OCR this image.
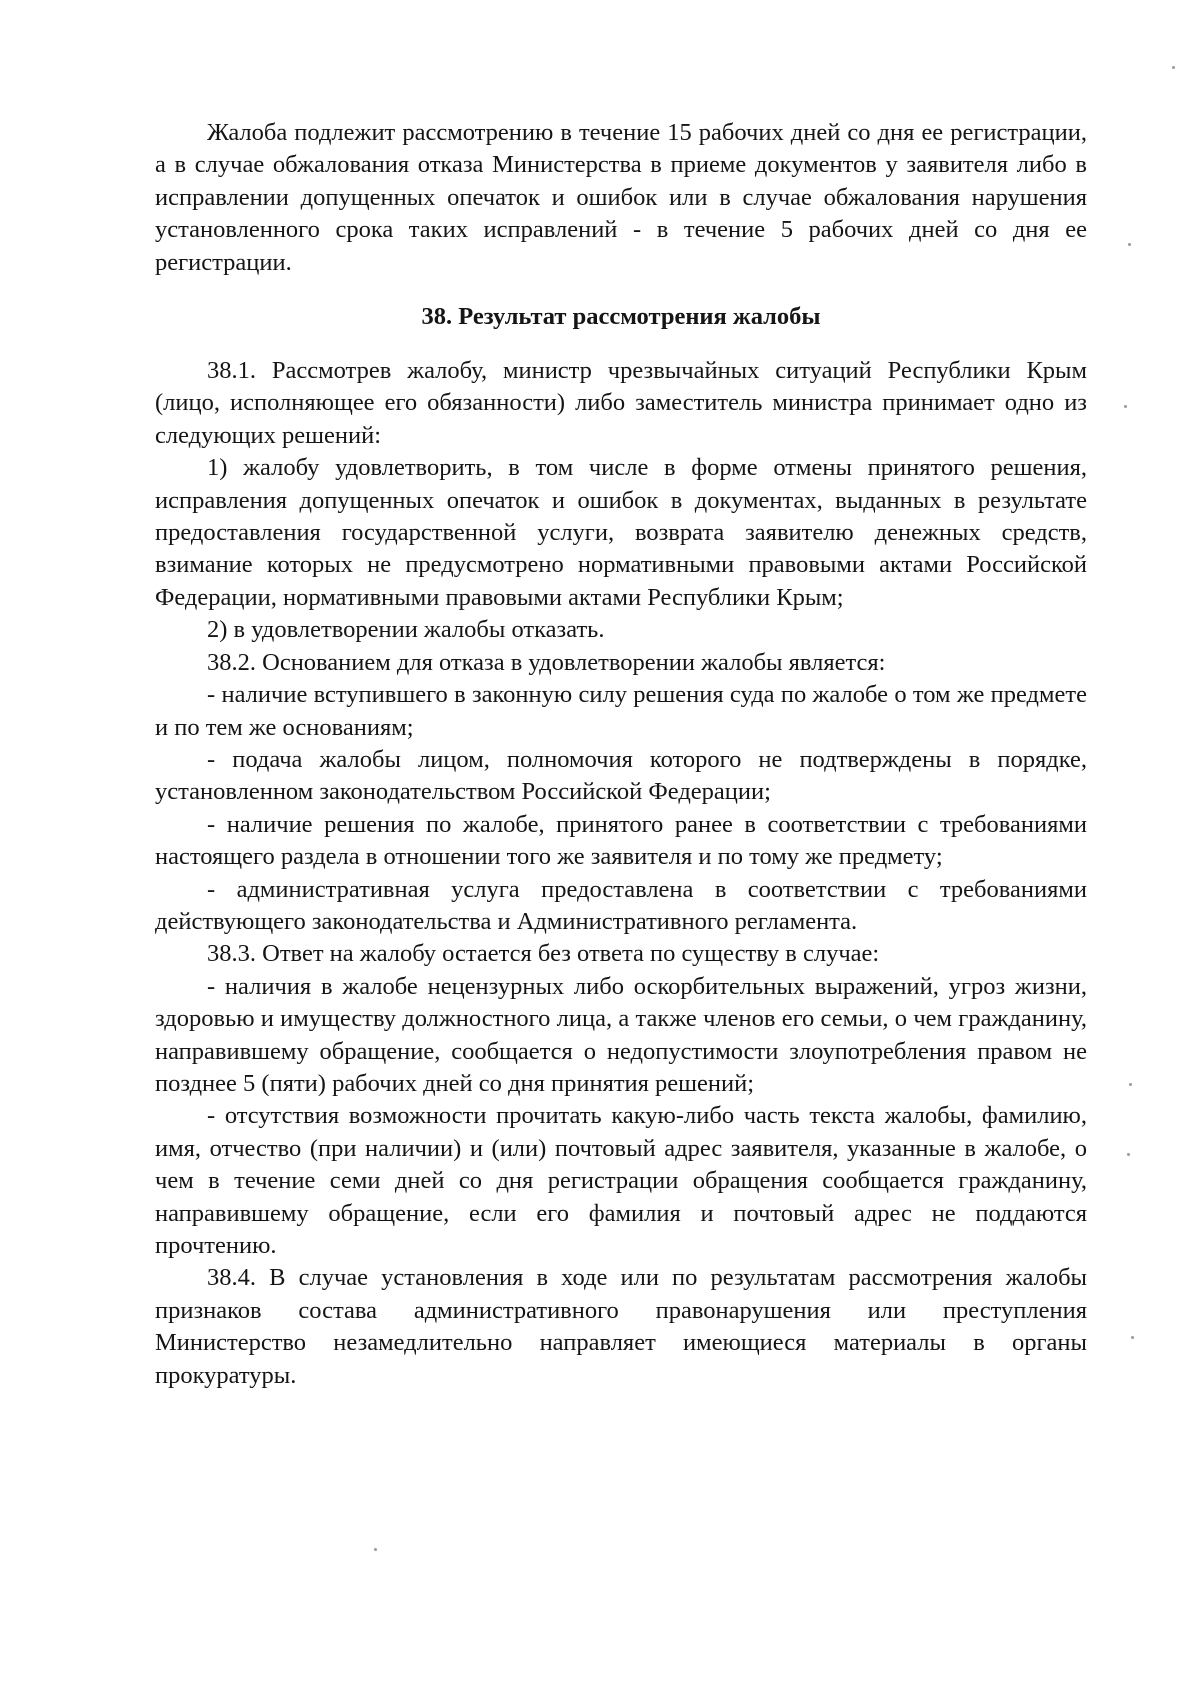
Жалоба подлежит рассмотрению в течение 15 рабочих дней со дня ее регистрации, а в случае обжалования отказа Министерства в приеме документов у заявителя либо в исправлении допущенных опечаток и ошибок или в случае обжалования нарушения установленного срока таких исправлений - в течение 5 рабочих дней со дня ее регистрации.

38. Результат рассмотрения жалобы

38.1. Рассмотрев жалобу, министр чрезвычайных ситуаций Республики Крым (лицо, исполняющее его обязанности) либо заместитель министра принимает одно из следующих решений:

1) жалобу удовлетворить, в том числе в форме отмены принятого решения, исправления допущенных опечаток и ошибок в документах, выданных в результате предоставления государственной услуги, возврата заявителю денежных средств, взимание которых не предусмотрено нормативными правовыми актами Российской Федерации, нормативными правовыми актами Республики Крым;

2) в удовлетворении жалобы отказать.

38.2. Основанием для отказа в удовлетворении жалобы является:

- наличие вступившего в законную силу решения суда по жалобе о том же предмете и по тем же основаниям;

- подача жалобы лицом, полномочия которого не подтверждены в порядке, установленном законодательством Российской Федерации;

- наличие решения по жалобе, принятого ранее в соответствии с требованиями настоящего раздела в отношении того же заявителя и по тому же предмету;

- административная услуга предоставлена в соответствии с требованиями действующего законодательства и Административного регламента.

38.3. Ответ на жалобу остается без ответа по существу в случае:

- наличия в жалобе нецензурных либо оскорбительных выражений, угроз жизни, здоровью и имуществу должностного лица, а также членов его семьи, о чем гражданину, направившему обращение, сообщается о недопустимости злоупотребления правом не позднее 5 (пяти) рабочих дней со дня принятия решений;

- отсутствия возможности прочитать какую-либо часть текста жалобы, фамилию, имя, отчество (при наличии) и (или) почтовый адрес заявителя, указанные в жалобе, о чем в течение семи дней со дня регистрации обращения сообщается гражданину, направившему обращение, если его фамилия и почтовый адрес не поддаются прочтению.

38.4. В случае установления в ходе или по результатам рассмотрения жалобы признаков состава административного правонарушения или преступления Министерство незамедлительно направляет имеющиеся материалы в органы прокуратуры.
